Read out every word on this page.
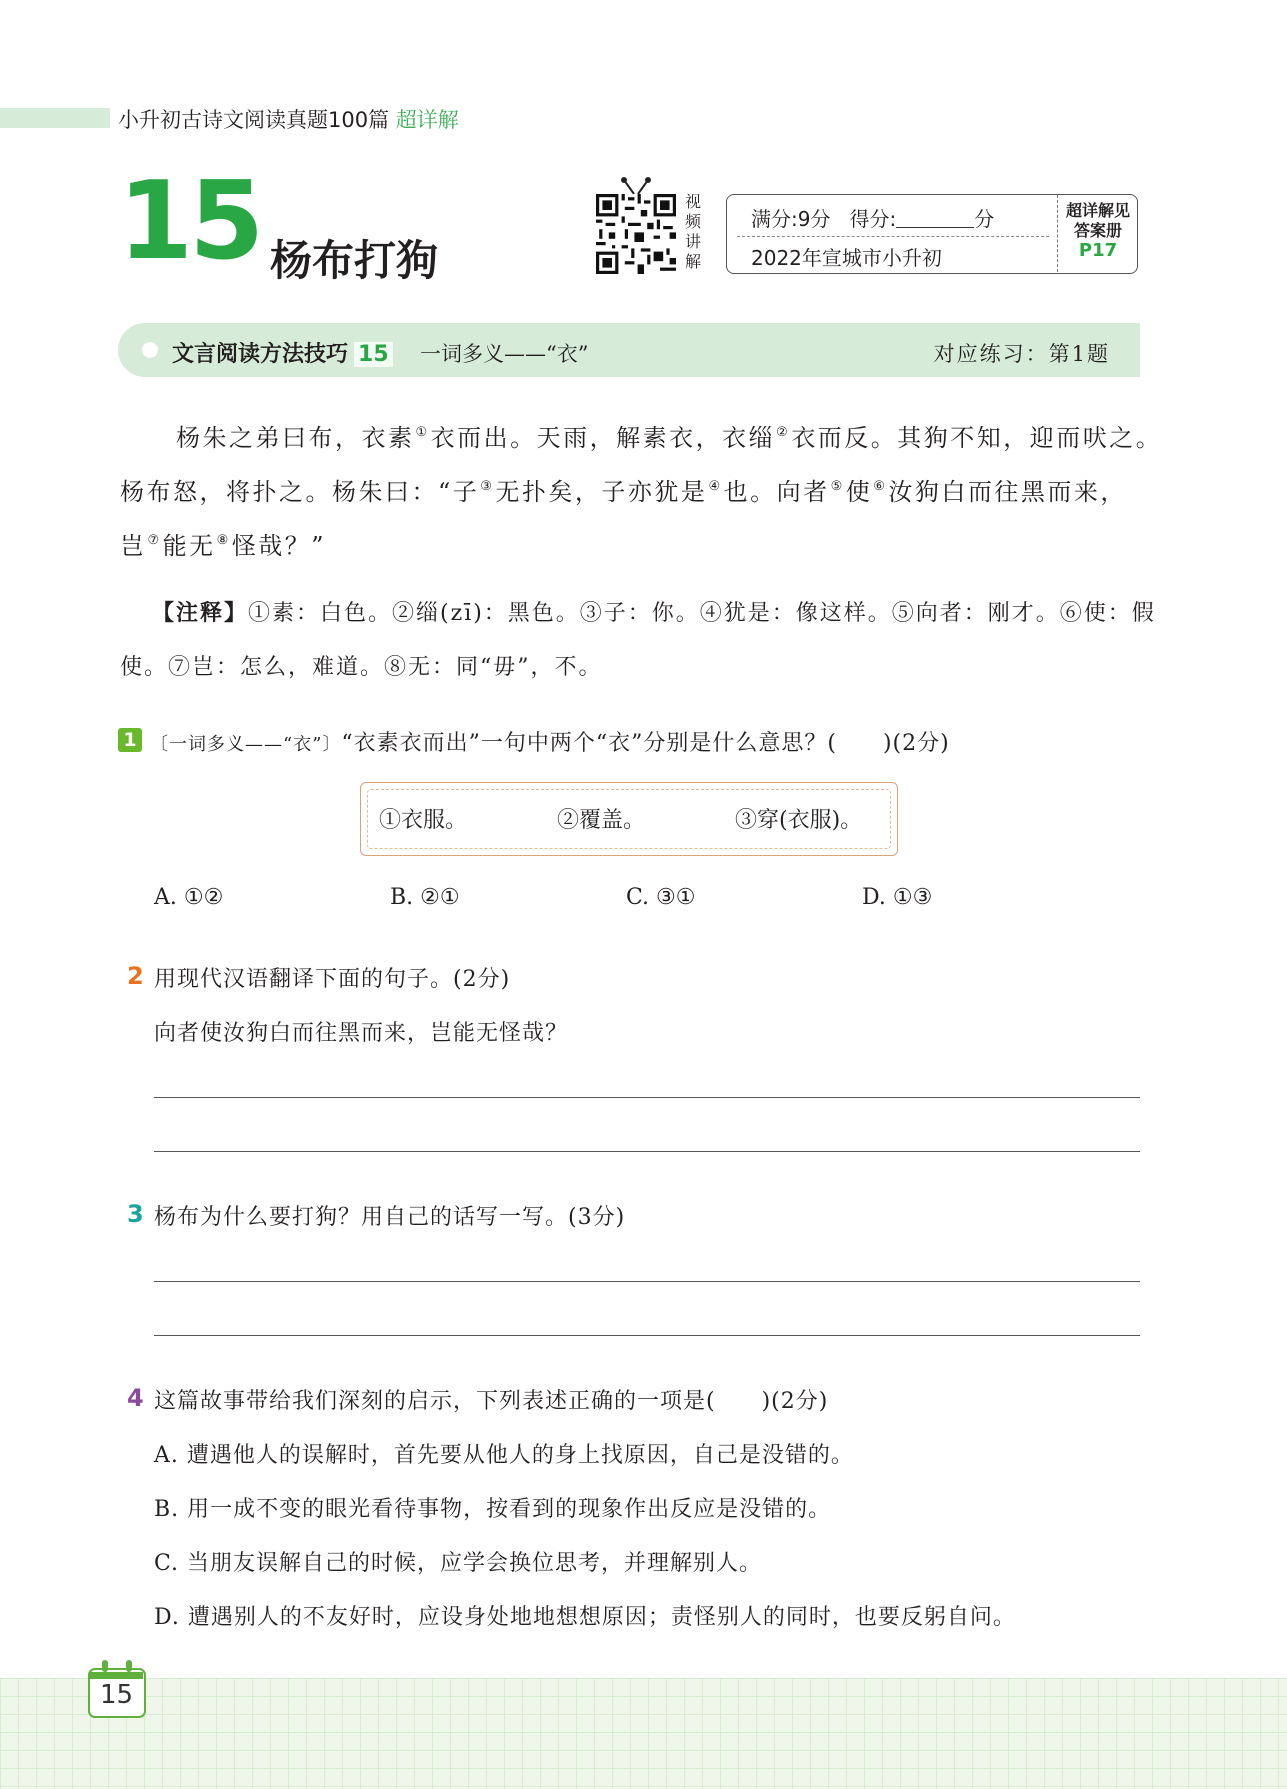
小升初古诗文阅读真题100篇 超详解
15 杨布打狗
视频讲解
满分:9分 得分:	分
2022年宣城市小升初
超详解见
答案册
P17
文言阅读方法技巧 15 一词多义——“衣”	对应练习：第1题
杨朱之弟曰布，衣素①衣而出。天雨，解素衣，衣缁②衣而反。其狗不知，迎而吠之。
杨布怒，将扑之。杨朱曰：“子③无扑矣，子亦犹是④也。向者⑤使⑥汝狗白而往黑而来，
岂⑦能无⑧怪哉？”
【注释】①素：白色。②缁(zī)：黑色。③子：你。④犹是：像这样。⑤向者：刚才。⑥使：假
使。⑦岂：怎么，难道。⑧无：同“毋”，不。
1 〔一词多义——“衣”〕“衣素衣而出”一句中两个“衣”分别是什么意思？(　　)(2分)
①衣服。	②覆盖。	③穿(衣服)。
A. ①②	B. ②①	C. ③①	D. ①③
2 用现代汉语翻译下面的句子。(2分)
向者使汝狗白而往黑而来，岂能无怪哉？
3 杨布为什么要打狗？用自己的话写一写。(3分)
4 这篇故事带给我们深刻的启示，下列表述正确的一项是(　　)(2分)
A. 遭遇他人的误解时，首先要从他人的身上找原因，自己是没错的。
B. 用一成不变的眼光看待事物，按看到的现象作出反应是没错的。
C. 当朋友误解自己的时候，应学会换位思考，并理解别人。
D. 遭遇别人的不友好时，应设身处地地想想原因；责怪别人的同时，也要反躬自问。
15
